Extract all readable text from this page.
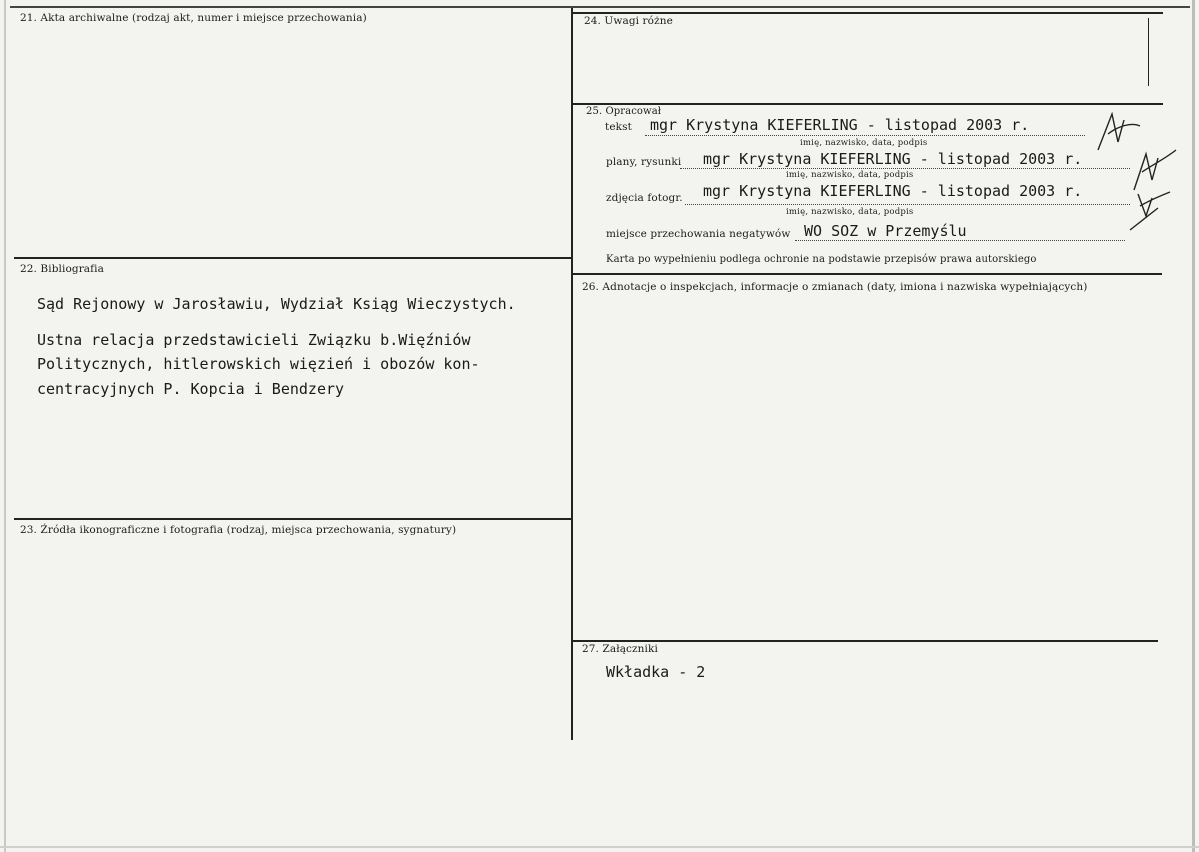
21. Akta archiwalne (rodzaj akt, numer i miejsce przechowania)
22. Bibliografia
Sąd Rejonowy w Jarosławiu, Wydział Ksiąg Wieczystych.
Ustna relacja przedstawicieli Związku b.Więźniów
Politycznych, hitlerowskich więzień i obozów kon-
centracyjnych P. Kopcia i Bendzery
23. Źródła ikonograficzne i fotografia (rodzaj, miejsca przechowania, sygnatury)
24. Uwagi różne
25. Opracował
tekst mgr Krystyna KIEFERLING - listopad 2003 r.
imię, nazwisko, data, podpis
plany, rysunki mgr Krystyna KIEFERLING - listopad 2003 r.
imię, nazwisko, data, podpis
zdjęcia fotogr. mgr Krystyna KIEFERLING - listopad 2003 r.
imię, nazwisko, data, podpis
miejsce przechowania negatywów WO SOZ w Przemyślu
Karta po wypełnieniu podlega ochronie na podstawie przepisów prawa autorskiego
26. Adnotacje o inspekcjach, informacje o zmianach (daty, imiona i nazwiska wypełniających)
27. Załączniki
Wkładka - 2
